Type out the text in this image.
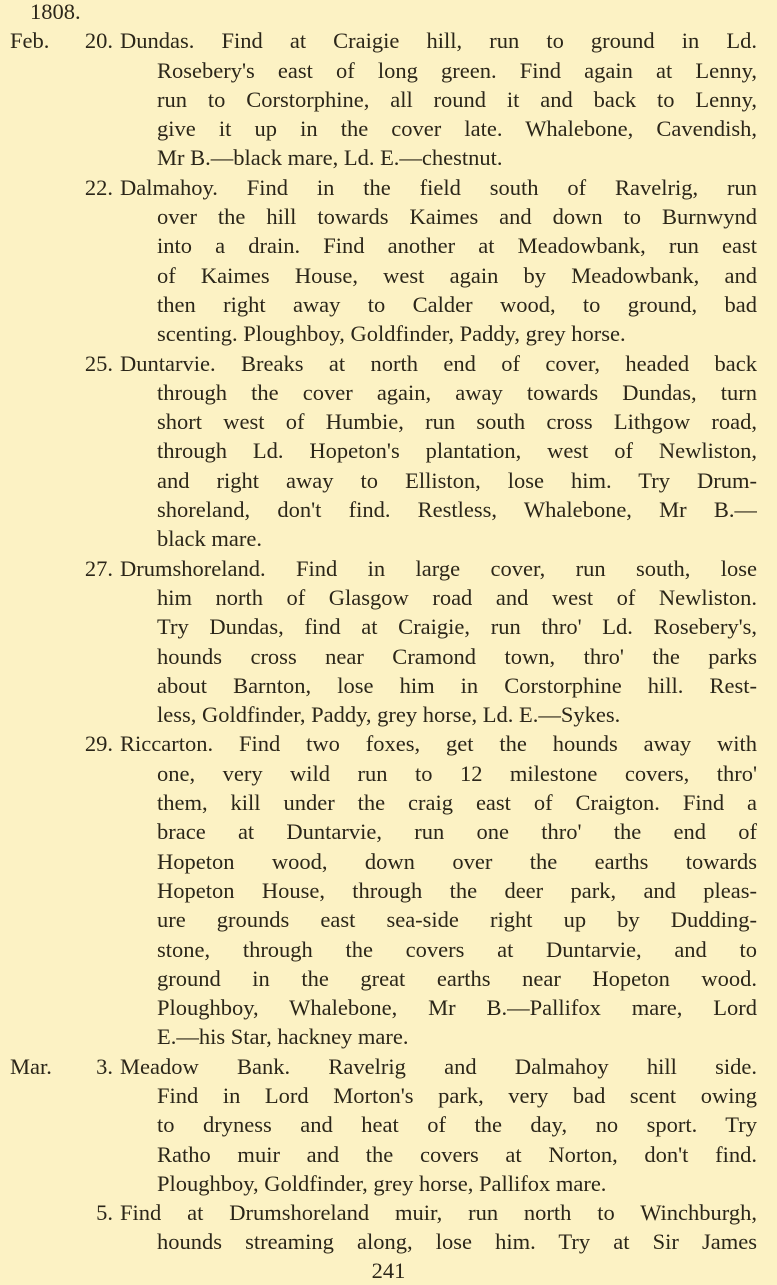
1808.
Feb. 20. Dundas. Find at Craigie hill, run to ground in Ld.
Rosebery's east of long green. Find again at Lenny,
run to Corstorphine, all round it and back to Lenny,
give it up in the cover late. Whalebone, Cavendish,
Mr B.—black mare, Ld. E.—chestnut.
22. Dalmahoy. Find in the field south of Ravelrig, run
over the hill towards Kaimes and down to Burnwynd
into a drain. Find another at Meadowbank, run east
of Kaimes House, west again by Meadowbank, and
then right away to Calder wood, to ground, bad
scenting. Ploughboy, Goldfinder, Paddy, grey horse.
25. Duntarvie. Breaks at north end of cover, headed back
through the cover again, away towards Dundas, turn
short west of Humbie, run south cross Lithgow road,
through Ld. Hopeton's plantation, west of Newliston,
and right away to Elliston, lose him. Try Drum-
shoreland, don't find. Restless, Whalebone, Mr B.—
black mare.
27. Drumshoreland. Find in large cover, run south, lose
him north of Glasgow road and west of Newliston.
Try Dundas, find at Craigie, run thro' Ld. Rosebery's,
hounds cross near Cramond town, thro' the parks
about Barnton, lose him in Corstorphine hill. Rest-
less, Goldfinder, Paddy, grey horse, Ld. E.—Sykes.
29. Riccarton. Find two foxes, get the hounds away with
one, very wild run to 12 milestone covers, thro'
them, kill under the craig east of Craigton. Find a
brace at Duntarvie, run one thro' the end of
Hopeton wood, down over the earths towards
Hopeton House, through the deer park, and pleas-
ure grounds east sea-side right up by Dudding-
stone, through the covers at Duntarvie, and to
ground in the great earths near Hopeton wood.
Ploughboy, Whalebone, Mr B.—Pallifox mare, Lord
E.—his Star, hackney mare.
Mar. 3. Meadow Bank. Ravelrig and Dalmahoy hill side.
Find in Lord Morton's park, very bad scent owing
to dryness and heat of the day, no sport. Try
Ratho muir and the covers at Norton, don't find.
Ploughboy, Goldfinder, grey horse, Pallifox mare.
5. Find at Drumshoreland muir, run north to Winchburgh,
hounds streaming along, lose him. Try at Sir James
241
